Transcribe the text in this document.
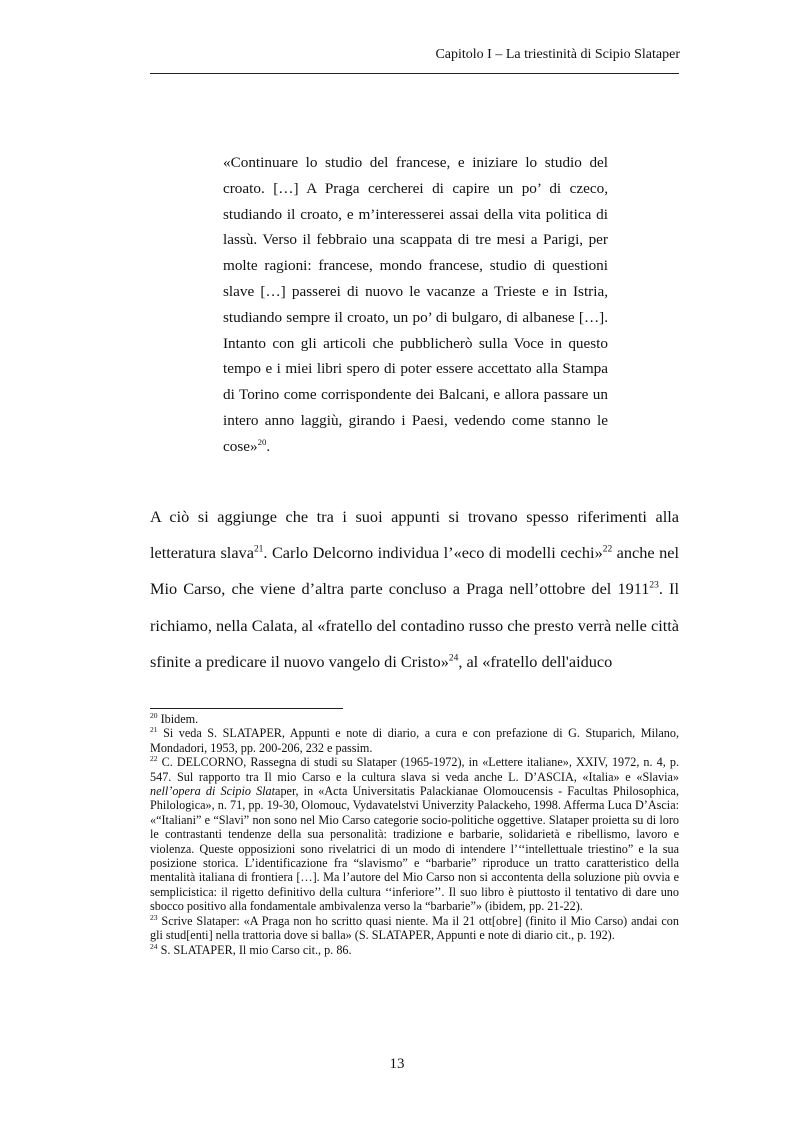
Capitolo I – La triestinità di Scipio Slataper
«Continuare lo studio del francese, e iniziare lo studio del croato. […] A Praga cercherei di capire un po’ di czeco, studiando il croato, e m’interesserei assai della vita politica di lassù. Verso il febbraio una scappata di tre mesi a Parigi, per molte ragioni: francese, mondo francese, studio di questioni slave […] passerei di nuovo le vacanze a Trieste e in Istria, studiando sempre il croato, un po’ di bulgaro, di albanese […]. Intanto con gli articoli che pubblicherò sulla Voce in questo tempo e i miei libri spero di poter essere accettato alla Stampa di Torino come corrispondente dei Balcani, e allora passare un intero anno laggiù, girando i Paesi, vedendo come stanno le cose»$^{20}$.
A ciò si aggiunge che tra i suoi appunti si trovano spesso riferimenti alla letteratura slava$^{21}$. Carlo Delcorno individua l’«eco di modelli cechi»$^{22}$ anche nel Mio Carso, che viene d’altra parte concluso a Praga nell’ottobre del 1911$^{23}$. Il richiamo, nella Calata, al «fratello del contadino russo che presto verrà nelle città sfinite a predicare il nuovo vangelo di Cristo»$^{24}$, al «fratello dell'aiduco

$^{20}$ Ibidem.

$^{21}$ Si veda S. SLATAPER, Appunti e note di diario, a cura e con prefazione di G. Stuparich, Milano, Mondadori, 1953, pp. 200-206, 232 e passim.

$^{22}$ C. DELCORNO, Rassegna di studi su Slataper (1965-1972), in «Lettere italiane», XXIV, 1972, n. 4, p. 547. Sul rapporto tra Il mio Carso e la cultura slava si veda anche L. D’ASCIA, «Italia» e «Slavia» nell’opera di Scipio Slataper, in «Acta Universitatis Palackianae Olomoucensis - Facultas Philosophica, Philologica», n. 71, pp. 19-30, Olomouc, Vydavatelstvi Univerzity Palackeho, 1998. Afferma Luca D’Ascia: «“Italiani” e “Slavi” non sono nel Mio Carso categorie socio-politiche oggettive. Slataper proietta su di loro le contrastanti tendenze della sua personalità: tradizione e barbarie, solidarietà e ribellismo, lavoro e violenza. Queste opposizioni sono rivelatrici di un modo di intendere l’‘‘intellettuale triestino” e la sua posizione storica. L’identificazione fra “slavismo” e “barbarie” riproduce un tratto caratteristico della mentalità italiana di frontiera […]. Ma l’autore del Mio Carso non si accontenta della soluzione più ovvia e semplicistica: il rigetto definitivo della cultura ‘‘inferiore’’. Il suo libro è piuttosto il tentativo di dare uno sbocco positivo alla fondamentale ambivalenza verso la “barbarie”» (ibidem, pp. 21-22).

$^{23}$ Scrive Slataper: «A Praga non ho scritto quasi niente. Ma il 21 ott[obre] (finito il Mio Carso) andai con gli stud[enti] nella trattoria dove si balla» (S. SLATAPER, Appunti e note di diario cit., p. 192).

$^{24}$ S. SLATAPER, Il mio Carso cit., p. 86.

13
